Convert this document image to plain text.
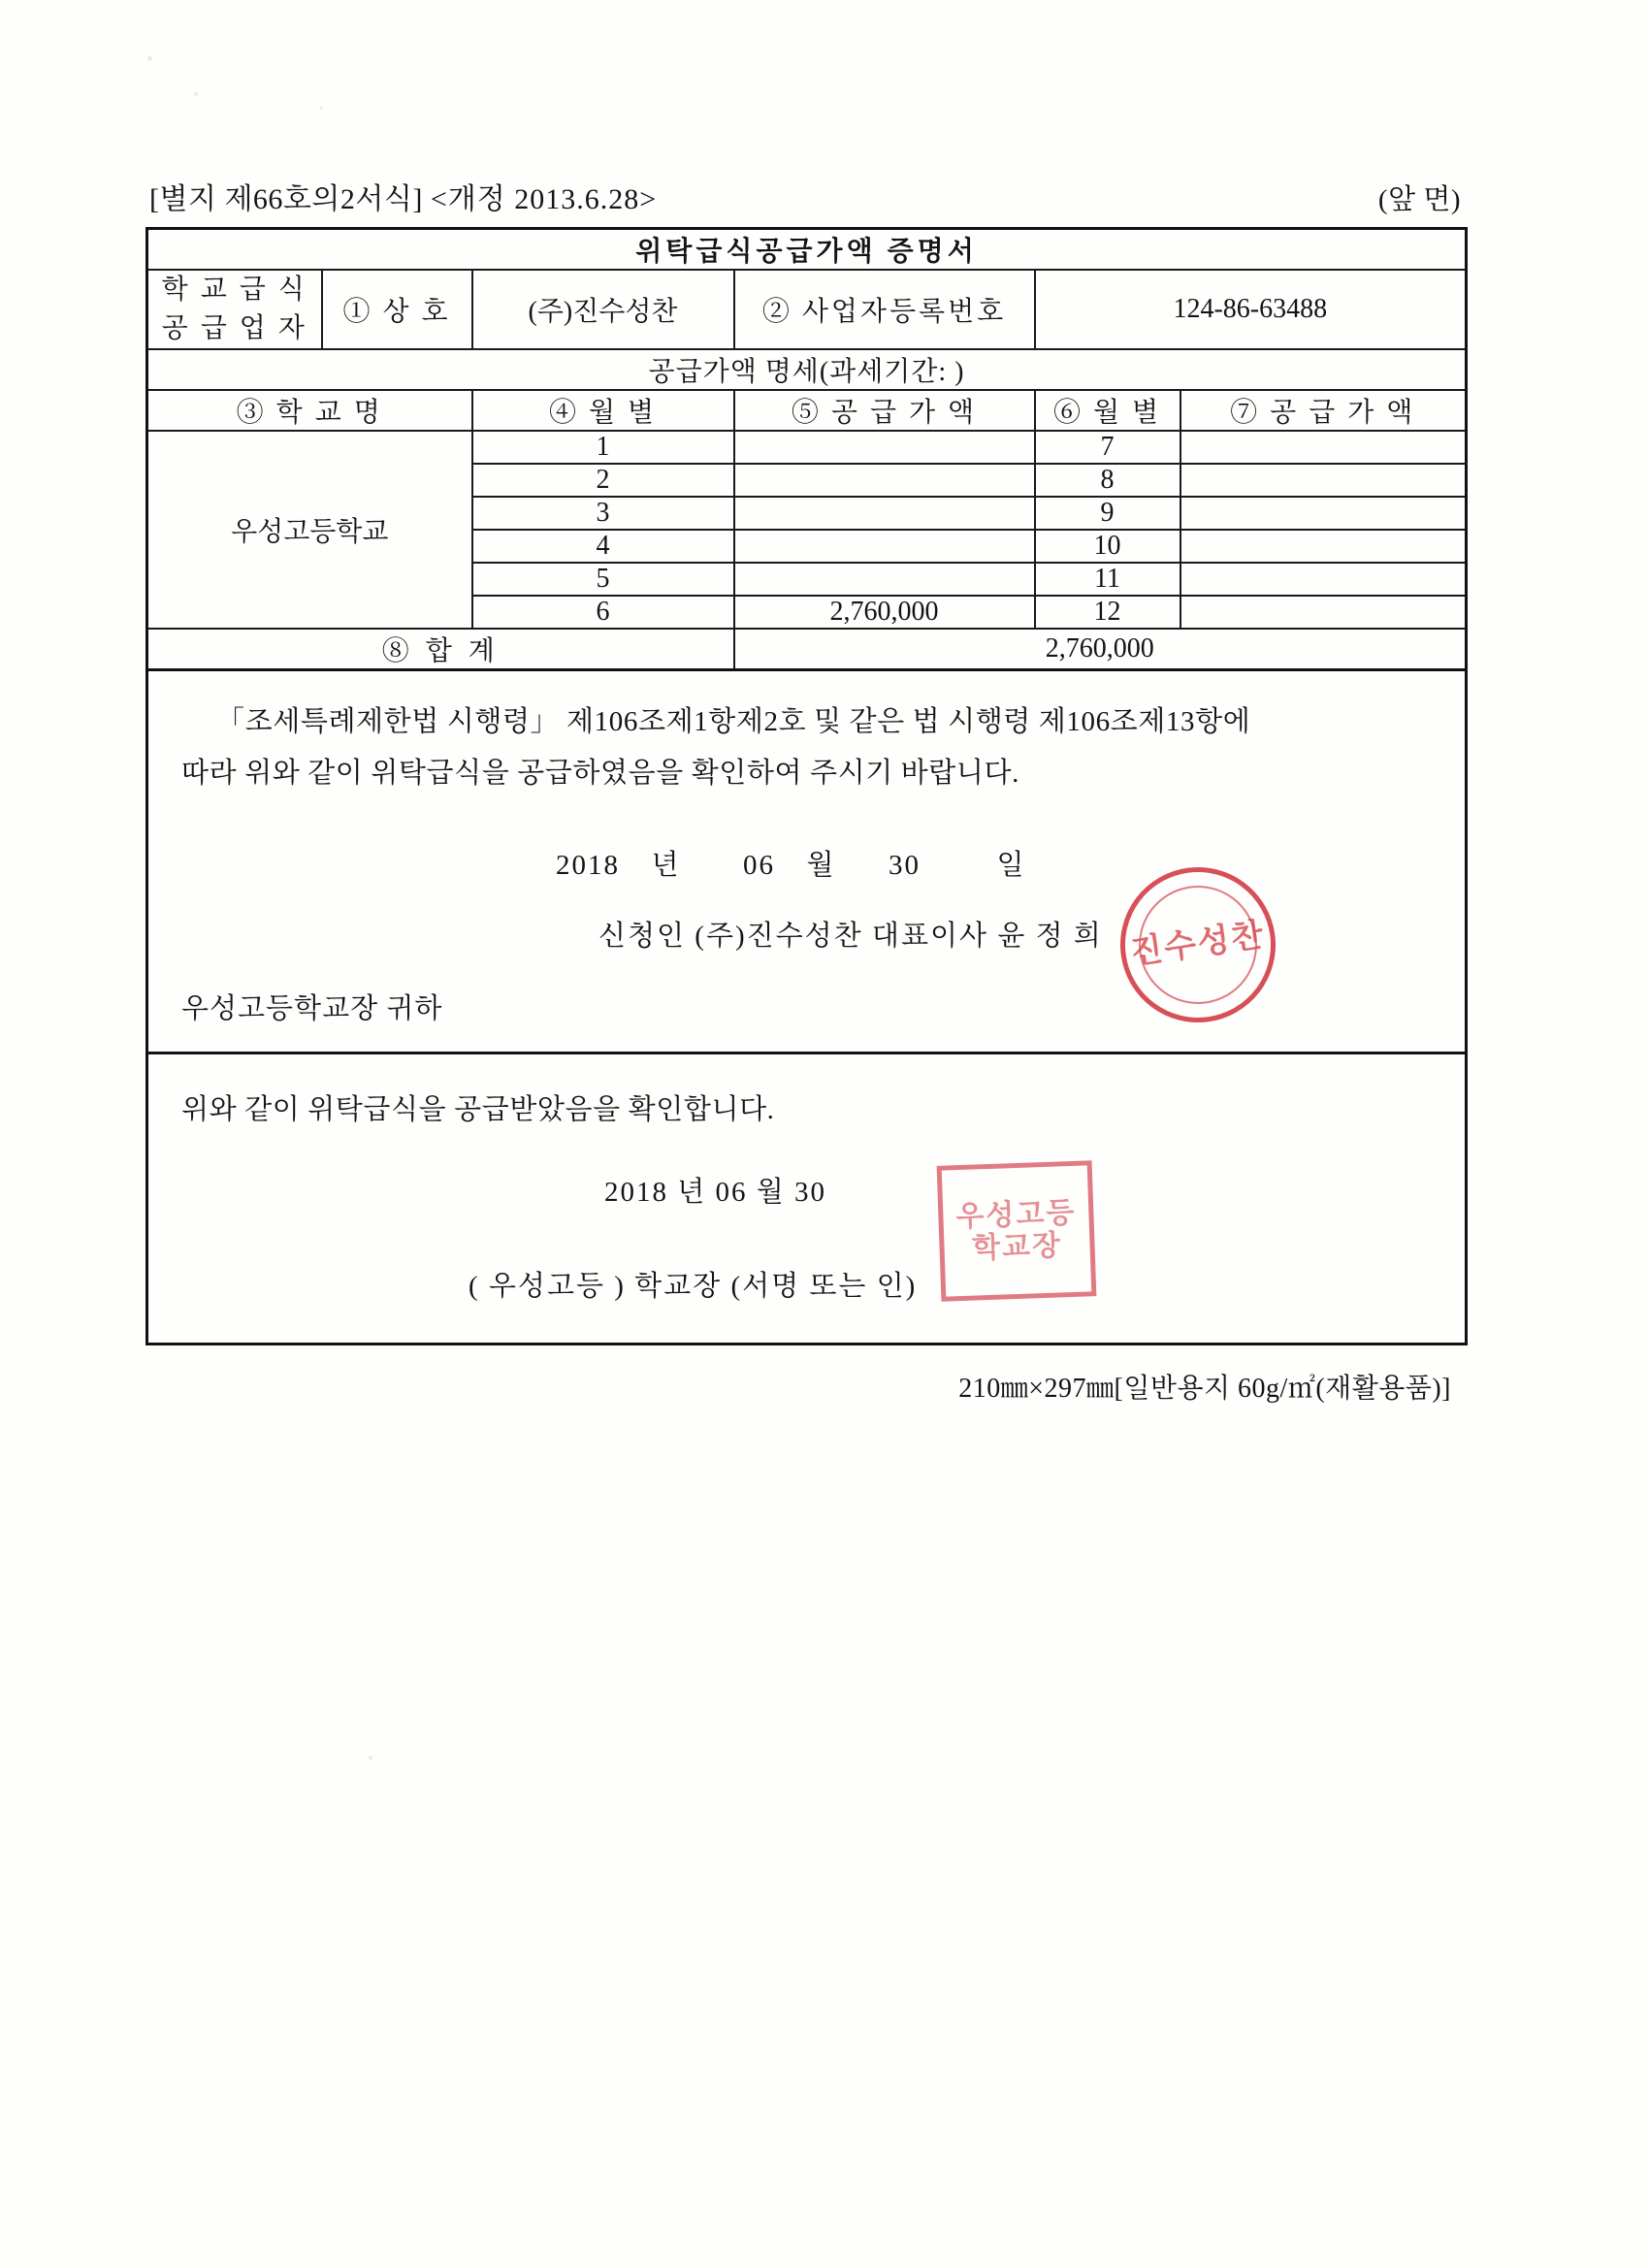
[별지 제66호의2서식] <개정 2013.6.28>	(앞 면)
위탁급식공급가액 증명서					

학 교 급 식
공 급 업 자	① 상 호	(주)진수성찬	② 사업자등록번호	124-86-63488	
공급가액 명세(과세기간: )					
③ 학 교 명		④ 월 별	⑤ 공 급 가 액	⑥ 월 별	⑦ 공 급 가 액
우성고등학교		1		7	
		2		8	
		3		9	
		4		10	
		5		11	
		6	2,760,000	12	
⑧ 합 계			2,760,000		

「조세특례제한법 시행령」 제106조제1항제2호 및 같은 법 시행령 제106조제13항에
따라 위와 같이 위탁급식을 공급하였음을 확인하여 주시기 바랍니다.
2018 년 06 월 30	일
신청인 (주)진수성찬 대표이사 윤 정 희
우성고등학교장 귀하
진수성찬

위와 같이 위탁급식을 공급받았음을 확인합니다.
2018 년 06 월 30
( 우성고등 ) 학교장 (서명 또는 인)
우성고등학교장					
210㎜×297㎜[일반용지 60g/㎡(재활용품)]
